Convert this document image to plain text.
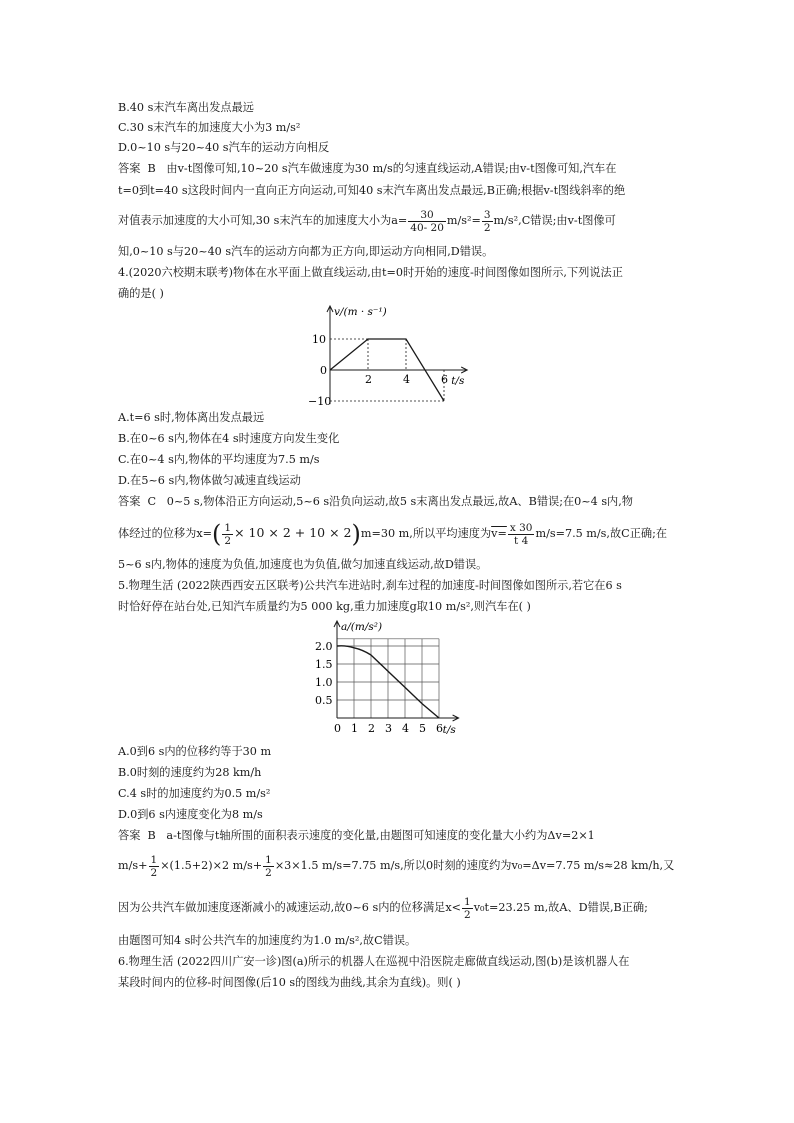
B.40 s末汽车离出发点最远
C.30 s末汽车的加速度大小为3 m/s²
D.0~10 s与20~40 s汽车的运动方向相反
答案 B 由v-t图像可知,10~20 s汽车做速度为30 m/s的匀速直线运动,A错误;由v-t图像可知,汽车在
t=0到t=40 s这段时间内一直向正方向运动,可知40 s末汽车离出发点最远,B正确;根据v-t图线斜率的绝
对值表示加速度的大小可知,30 s末汽车的加速度大小为$a= \frac{30}{40- 20} m/s^2= \frac{3}{2} m/s^2,C$错误;由v-t图像可
知,0~10 s与20~40 s汽车的运动方向都为正方向,即运动方向相同,D错误。
4.(2020六校期末联考)物体在水平面上做直线运动,由t=0时开始的速度-时间图像如图所示,下列说法正
确的是( )
2	4	6
10
0
−10
v/(m · s⁻¹)
t/s
A.t=6 s时,物体离出发点最远
B.在0~6 s内,物体在4 s时速度方向发生变化
C.在0~4 s内,物体的平均速度为7.5 m/s
D.在5~6 s内,物体做匀减速直线运动
答案 C 0~5 s,物体沿正方向运动,5~6 s沿负向运动,故5 s末离出发点最远,故A、B错误;在0~4 s内,物
体经过的位移为$x=( \frac{1}{2} \times 10 \times 2 + 10 \times 2)m=30$ m,所以平均速度为$v= \frac{x 30}{t 4} m/s=7.5$ m/s,故C正确;在
5~6 s内,物体的速度为负值,加速度也为负值,做匀加速直线运动,故D错误。
5.物理生活 (2022陕西西安五区联考)公共汽车进站时,刹车过程的加速度-时间图像如图所示,若它在6 s
时恰好停在站台处,已知汽车质量约为5 000 kg,重力加速度g取10 m/s²,则汽车在( )
0 1 2 3 4 5 6
2.0
1.5
1.0
0.5
a/(m/s²)
t/s
A.0到6 s内的位移约等于30 m
B.0时刻的速度约为28 km/h
C.4 s时的加速度约为0.5 m/s²
D.0到6 s内速度变化为8 m/s
答案 B a-t图像与t轴所围的面积表示速度的变化量,由题图可知速度的变化量大小约为Δv=2×1
$m/s+ \frac{1}{2} \times(1.5+2)\times 2$ $m/s+ \frac{1}{2} \times 3\times 1.5$ m/s=7.75 m/s,所以0时刻的速度约为v₀=Δv=7.75 m/s≈28 km/h,又
因为公共汽车做加速度逐渐减小的减速运动,故0~6 s内的位移满足$x< \frac{1}{2} v_0t=23.25$ m,故A、D错误,B正确;
由题图可知4 s时公共汽车的加速度约为1.0 m/s²,故C错误。
6.物理生活 (2022四川广安一诊)图(a)所示的机器人在巡视中沿医院走廊做直线运动,图(b)是该机器人在
某段时间内的位移-时间图像(后10 s的图线为曲线,其余为直线)。则( )
